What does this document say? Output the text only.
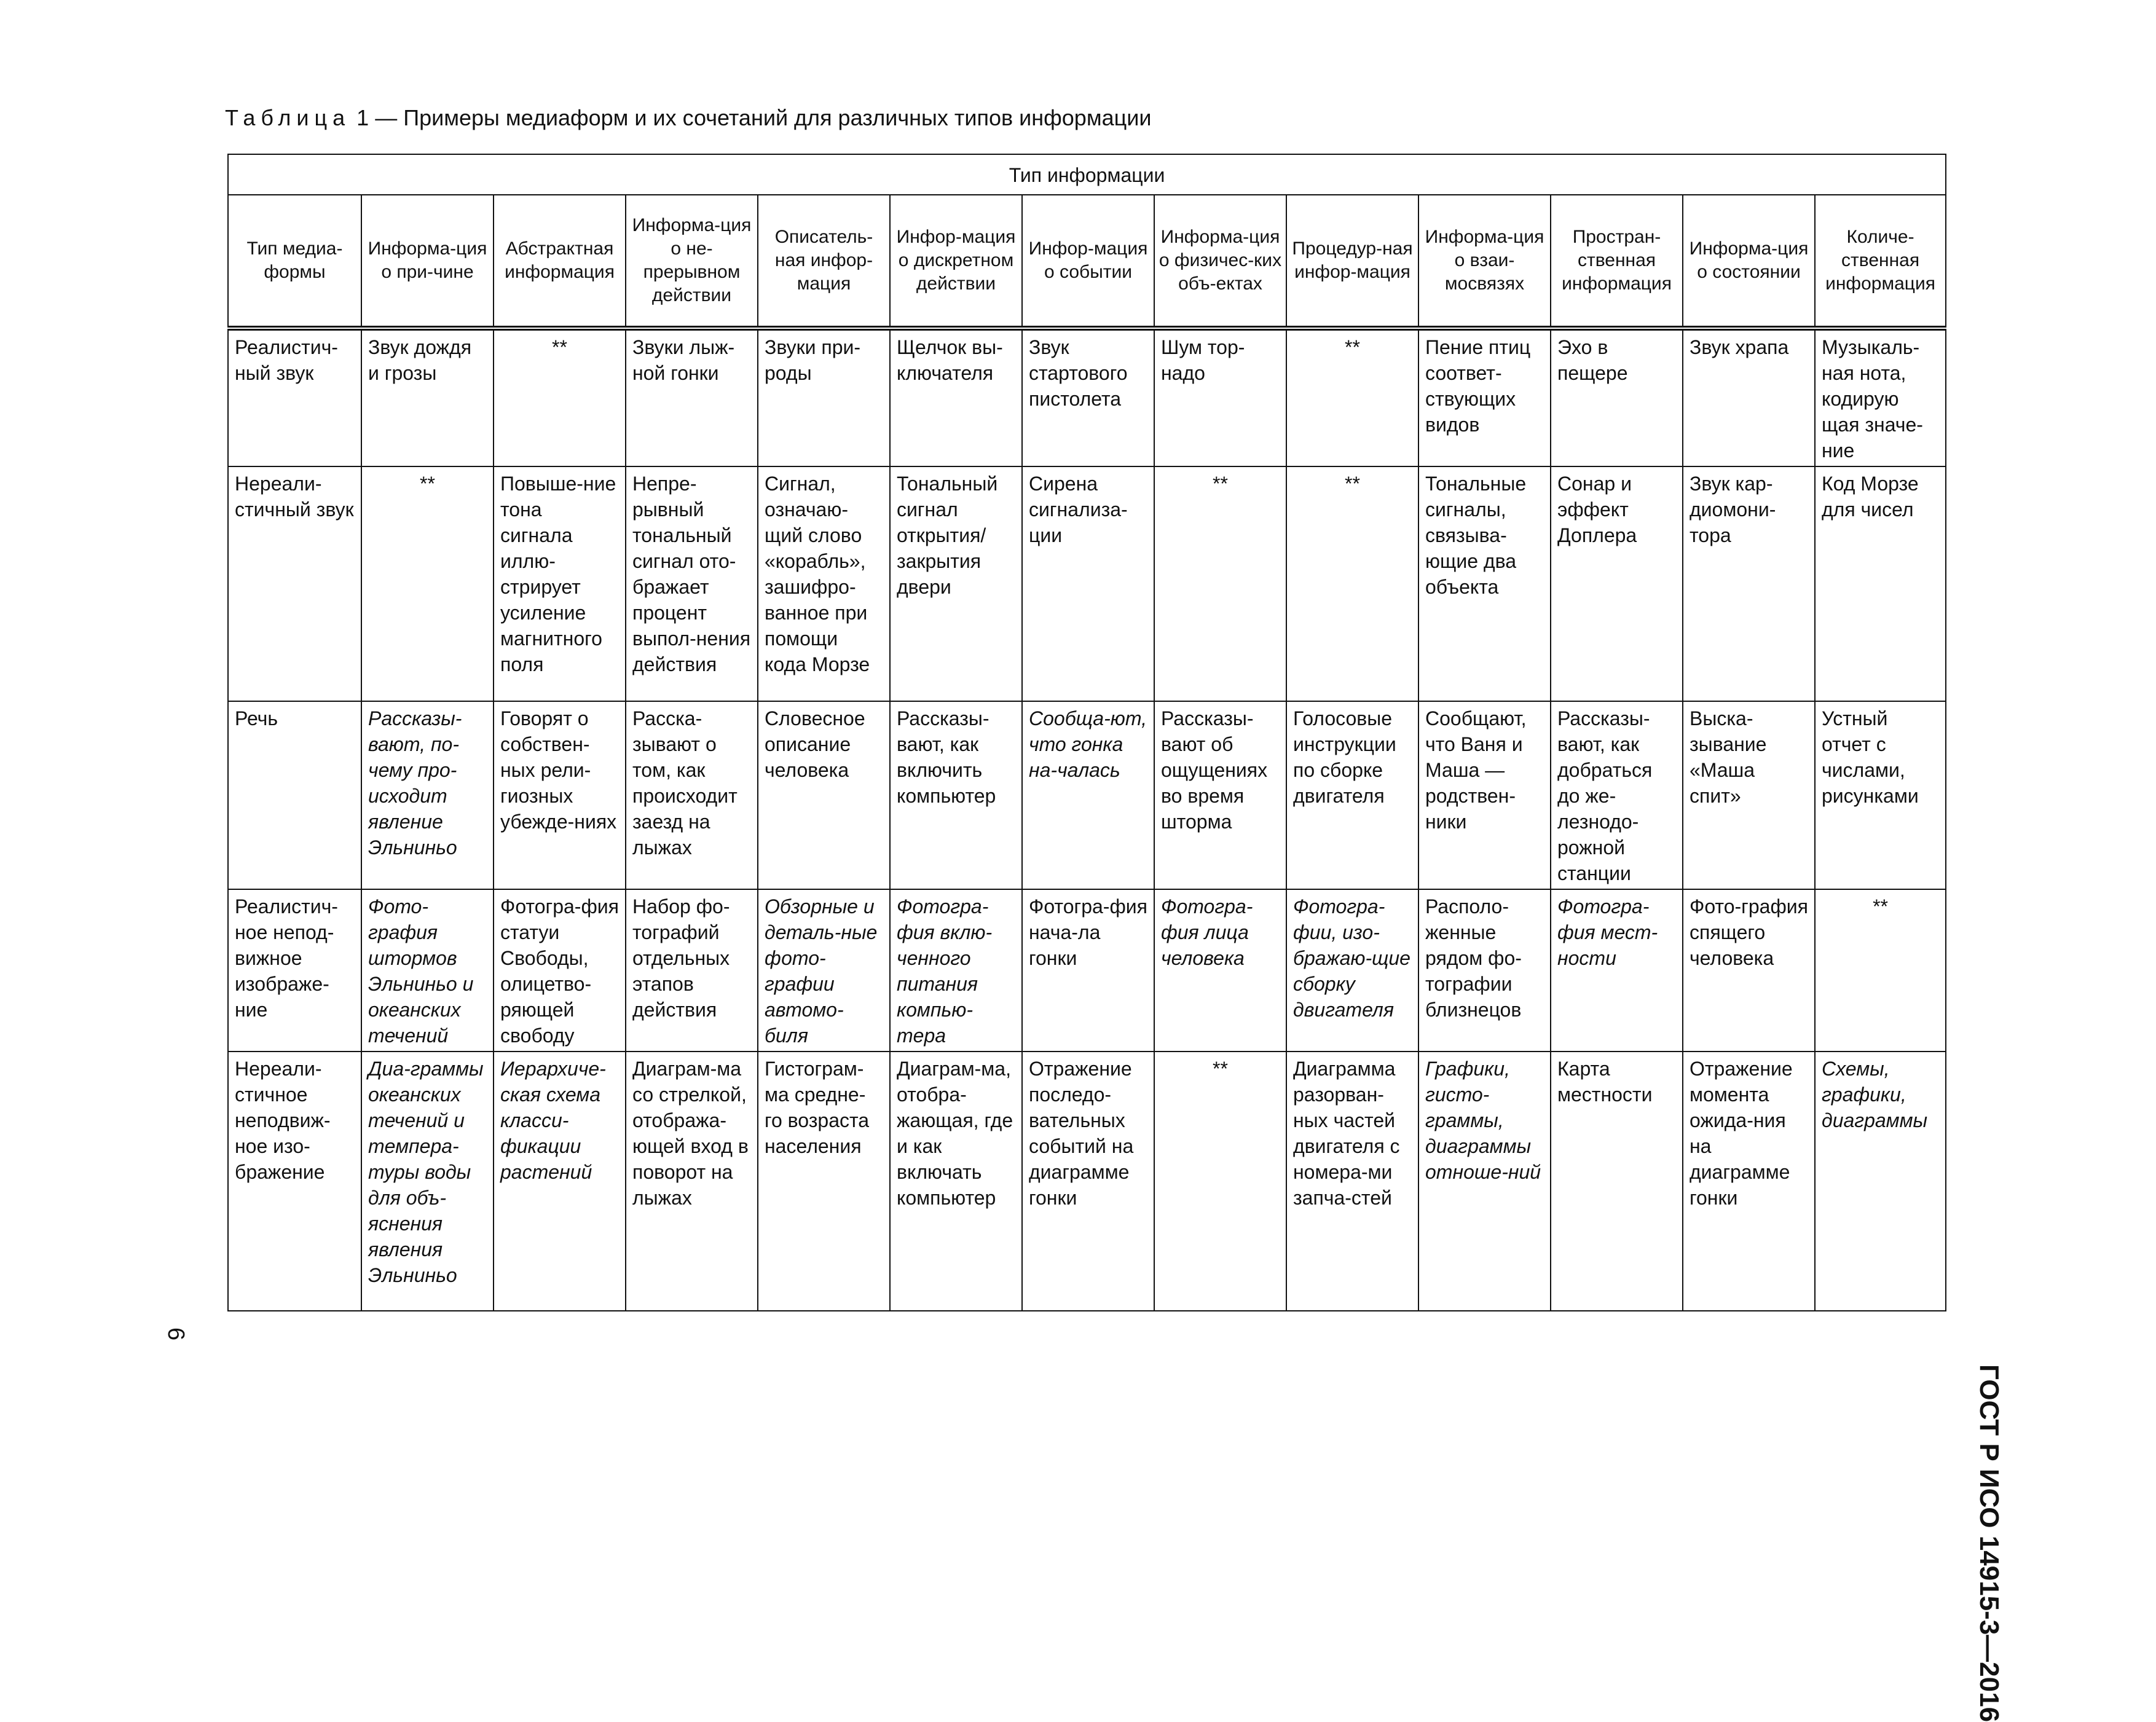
Таблица 1 — Примеры медиаформ и их сочетаний для различных типов информации
Тип информации												
Тип медиа-формы	Информа-ция о при-чине	Абстрактная информация	Информа-ция о не-прерывном действии	Описатель-ная инфор-мация	Инфор-мация о дискретном действии	Инфор-мация о событии	Информа-ция о физичес-ких объ-ектах	Процедур-ная инфор-мация	Информа-ция о взаи-мосвязях	Простран-ственная информация	Информа-ция о состоянии	Количе-ственная информация
Реалистич-ный звук	Звук дождя и грозы	**	Звуки лыж-ной гонки	Звуки при-роды	Щелчок вы-ключателя	Звук стартового пистолета	Шум тор-надо	**	Пение птиц соответ-ствующих видов	Эхо в пещере	Звук храпа	Музыкаль-ная нота, кодирую щая значе-ние
Нереали-стичный звук	**	Повыше-ние тона сигнала иллю-стрирует усиление магнитного поля	Непре-рывный тональный сигнал ото-бражает процент выпол-нения действия	Сигнал, означаю-щий слово «корабль», зашифро-ванное при помощи кода Морзе	Тональный сигнал открытия/ закрытия двери	Сирена сигнализа-ции	**	**	Тональные сигналы, связыва-ющие два объекта	Сонар и эффект Доплера	Звук кар-диомони-тора	Код Морзе для чисел
Речь	Рассказы-вают, по-чему про-исходит явление Эльниньо	Говорят о собствен-ных рели-гиозных убежде-ниях	Расска-зывают о том, как происходит заезд на лыжах	Словесное описание человека	Рассказы-вают, как включить компьютер	Сообща-ют, что гонка на-чалась	Рассказы-вают об ощущениях во время шторма	Голосовые инструкции по сборке двигателя	Сообщают, что Ваня и Маша — родствен-ники	Рассказы-вают, как добраться до же-лезнодо-рожной станции	Выска-зывание «Маша спит»	Устный отчет с числами, рисунками
Реалистич-ное непод-вижное изображе-ние	Фото-графия штормов Эльниньо и океанских течений	Фотогра-фия статуи Свободы, олицетво-ряющей свободу	Набор фо-тографий отдельных этапов действия	Обзорные и деталь-ные фото-графии автомо-биля	Фотогра-фия вклю-ченного питания компью-тера	Фотогра-фия нача-ла гонки	Фотогра-фия лица человека	Фотогра-фии, изо-бражаю-щие сборку двигателя	Располо-женные рядом фо-тографии близнецов	Фотогра-фия мест-ности	Фото-графия спящего человека	**
Нереали-стичное неподвиж-ное изо-бражение	Диа-граммы океанских течений и темпера-туры воды для объ-яснения явления Эльниньо	Иерархиче-ская схема класси-фикации растений	Диаграм-ма со стрелкой, отобража-ющей вход в поворот на лыжах	Гистограм-ма средне-го возраста населения	Диаграм-ма, отобра-жающая, где и как включать компьютер	Отражение последо-вательных событий на диаграмме гонки	**	Диаграмма разорван-ных частей двигателя с номера-ми запча-стей	Графики, гисто-граммы, диаграммы отноше-ний	Карта местности	Отражение момента ожида-ния на диаграмме гонки	Схемы, графики, диаграммы
ГОСТ Р ИСО 14915-3—2016
6
